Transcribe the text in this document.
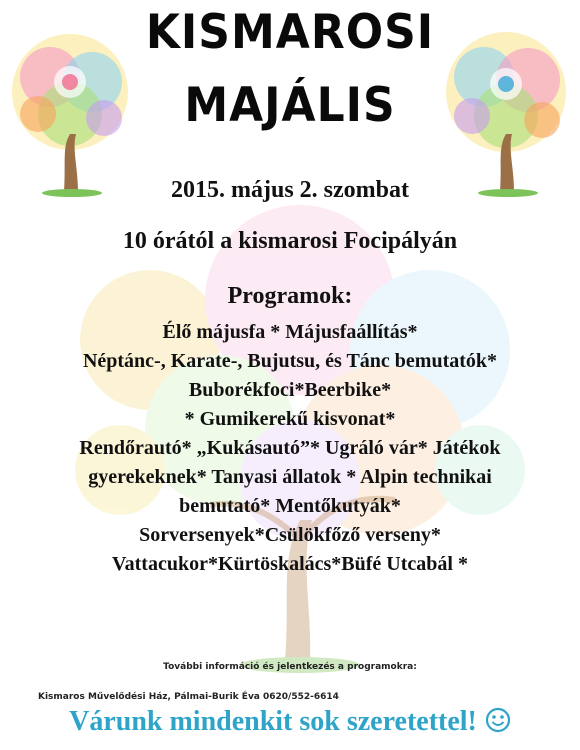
KISMAROSI
MAJÁLIS
2015. május 2. szombat
10 órától a kismarosi Focipályán
Programok:
Élő májusfa * Májusfaállítás*
Néptánc-, Karate-, Bujutsu, és Tánc bemutatók*
Buborékfoci*Beerbike*
* Gumikerekű kisvonat*
Rendőrautó* „Kukásautó”* Ugráló vár* Játékok
gyerekeknek* Tanyasi állatok * Alpin technikai
bemutató* Mentőkutyák*
Sorversenyek*Csülökfőző verseny*
Vattacukor*Kürtöskalács*Büfé Utcabál *
További információ és jelentkezés a programokra:
Kismaros Művelődési Ház, Pálmai-Burik Éva 0620/552-6614
Várunk mindenkit sok szeretettel!
